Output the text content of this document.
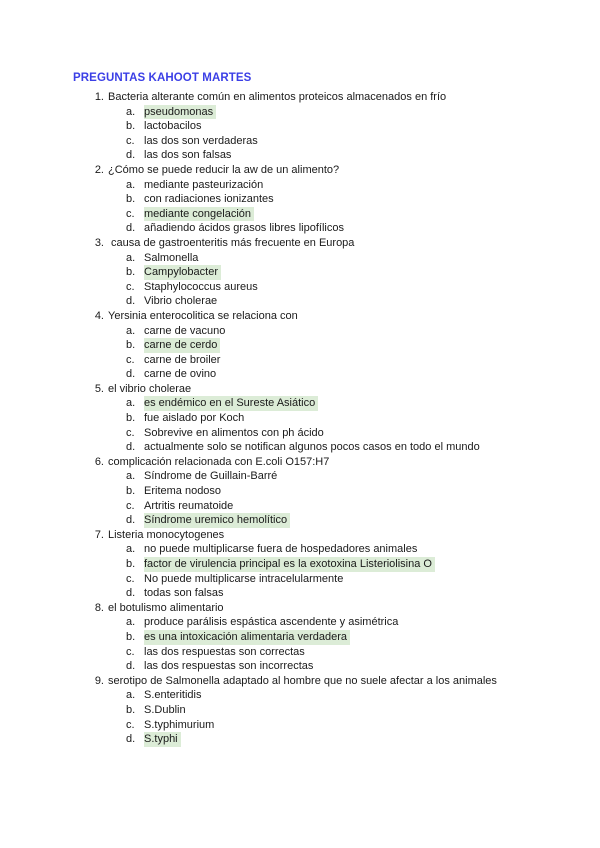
PREGUNTAS KAHOOT MARTES
1. Bacteria alterante común en alimentos proteicos almacenados en frío
a. pseudomonas
b. lactobacilos
c. las dos son verdaderas
d. las dos son falsas
2. ¿Cómo se puede reducir la aw de un alimento?
a. mediante pasteurización
b. con radiaciones ionizantes
c. mediante congelación
d. añadiendo ácidos grasos libres lipofílicos
3. causa de gastroenteritis más frecuente en Europa
a. Salmonella
b. Campylobacter
c. Staphylococcus aureus
d. Vibrio cholerae
4. Yersinia enterocolitica se relaciona con
a. carne de vacuno
b. carne de cerdo
c. carne de broiler
d. carne de ovino
5. el vibrio cholerae
a. es endémico en el Sureste Asiático
b. fue aislado por Koch
c. Sobrevive en alimentos con ph ácido
d. actualmente solo se notifican algunos pocos casos en todo el mundo
6. complicación relacionada con E.coli O157:H7
a. Síndrome de Guillain-Barré
b. Eritema nodoso
c. Artritis reumatoide
d. Síndrome uremico hemolítico
7. Listeria monocytogenes
a. no puede multiplicarse fuera de hospedadores animales
b. factor de virulencia principal es la exotoxina Listeriolisina O
c. No puede multiplicarse intracelularmente
d. todas son falsas
8. el botulismo alimentario
a. produce parálisis espástica ascendente y asimétrica
b. es una intoxicación alimentaria verdadera
c. las dos respuestas son correctas
d. las dos respuestas son incorrectas
9. serotipo de Salmonella adaptado al hombre que no suele afectar a los animales
a. S.enteritidis
b. S.Dublin
c. S.typhimurium
d. S.typhi
